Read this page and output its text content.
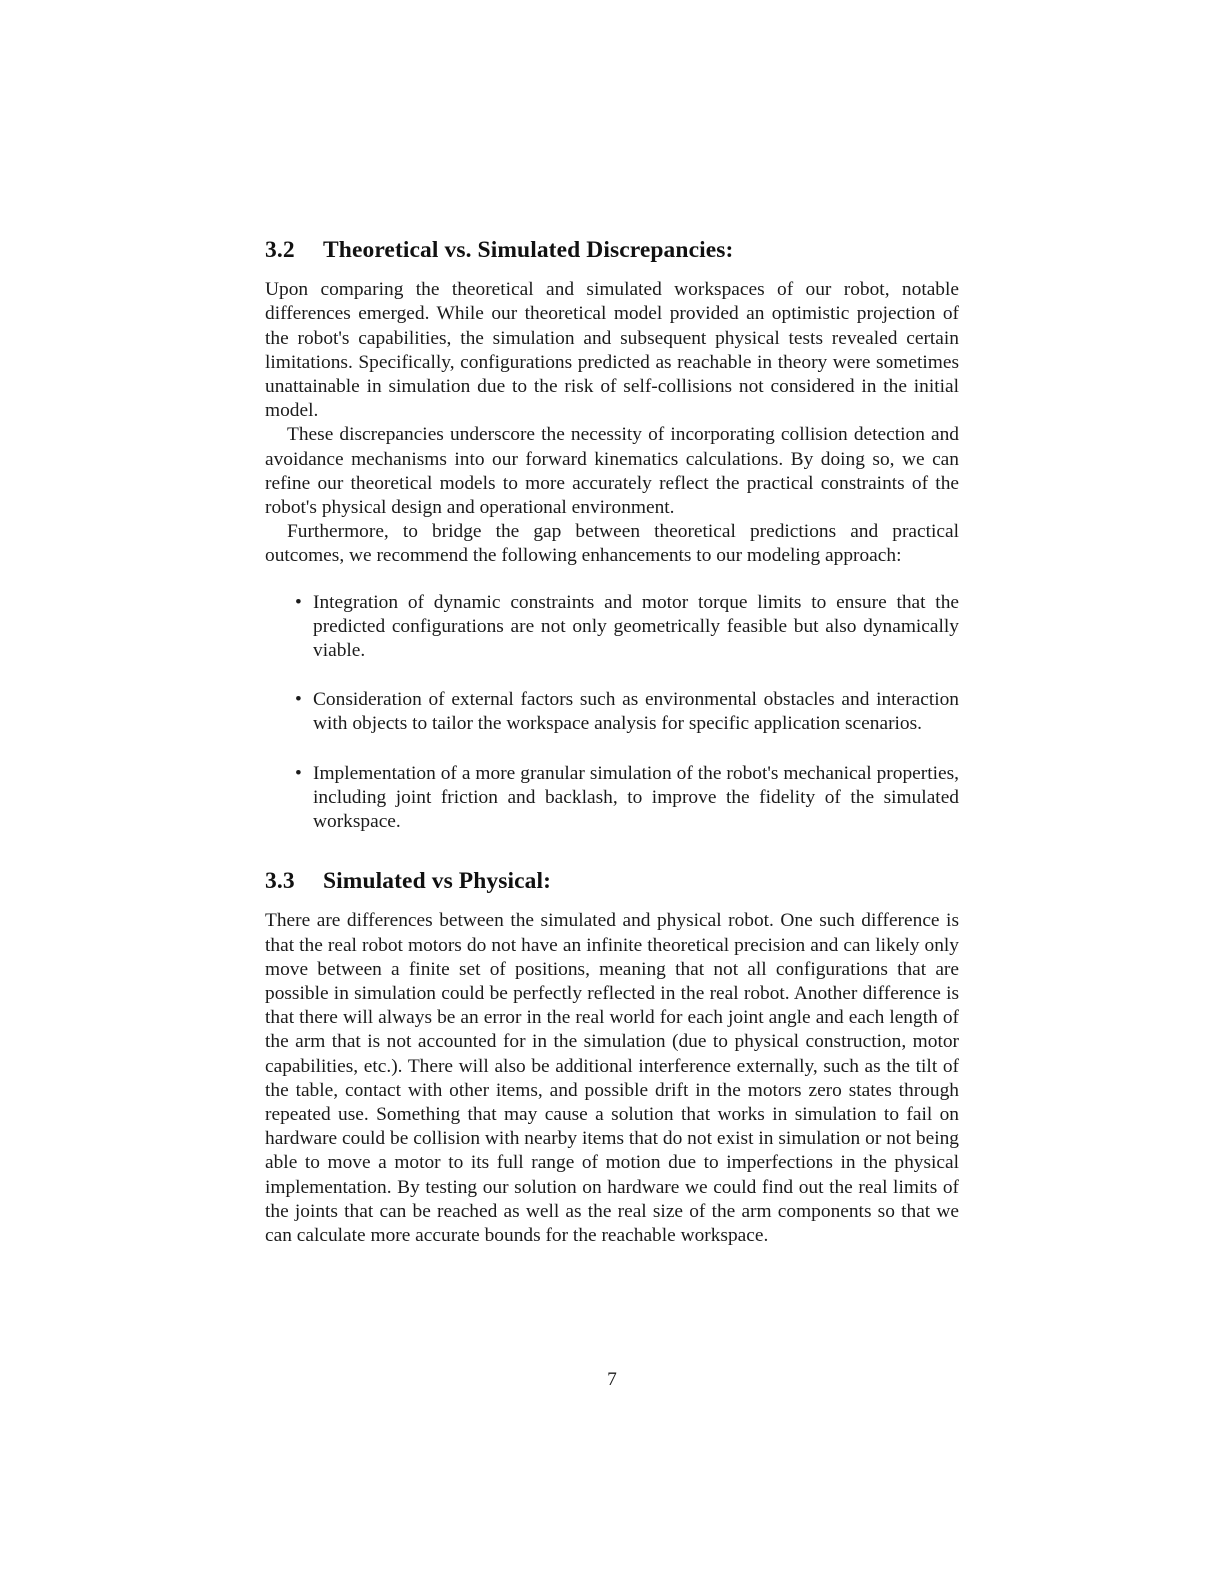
3.2 Theoretical vs. Simulated Discrepancies:

Upon comparing the theoretical and simulated workspaces of our robot, notable differences emerged. While our theoretical model provided an optimistic projection of the robot's capabilities, the simulation and subsequent physical tests revealed certain limitations. Specifically, configurations predicted as reachable in theory were sometimes unattainable in simulation due to the risk of self-collisions not considered in the initial model.

These discrepancies underscore the necessity of incorporating collision detection and avoidance mechanisms into our forward kinematics calculations. By doing so, we can refine our theoretical models to more accurately reflect the practical constraints of the robot's physical design and operational environment.

Furthermore, to bridge the gap between theoretical predictions and practical outcomes, we recommend the following enhancements to our modeling approach:

• Integration of dynamic constraints and motor torque limits to ensure that the predicted configurations are not only geometrically feasible but also dynamically viable.
• Consideration of external factors such as environmental obstacles and interaction with objects to tailor the workspace analysis for specific application scenarios.
• Implementation of a more granular simulation of the robot's mechanical properties, including joint friction and backlash, to improve the fidelity of the simulated workspace.
3.3 Simulated vs Physical:

There are differences between the simulated and physical robot. One such difference is that the real robot motors do not have an infinite theoretical precision and can likely only move between a finite set of positions, meaning that not all configurations that are possible in simulation could be perfectly reflected in the real robot. Another difference is that there will always be an error in the real world for each joint angle and each length of the arm that is not accounted for in the simulation (due to physical construction, motor capabilities, etc.). There will also be additional interference externally, such as the tilt of the table, contact with other items, and possible drift in the motors zero states through repeated use. Something that may cause a solution that works in simulation to fail on hardware could be collision with nearby items that do not exist in simulation or not being able to move a motor to its full range of motion due to imperfections in the physical implementation. By testing our solution on hardware we could find out the real limits of the joints that can be reached as well as the real size of the arm components so that we can calculate more accurate bounds for the reachable workspace.

7
